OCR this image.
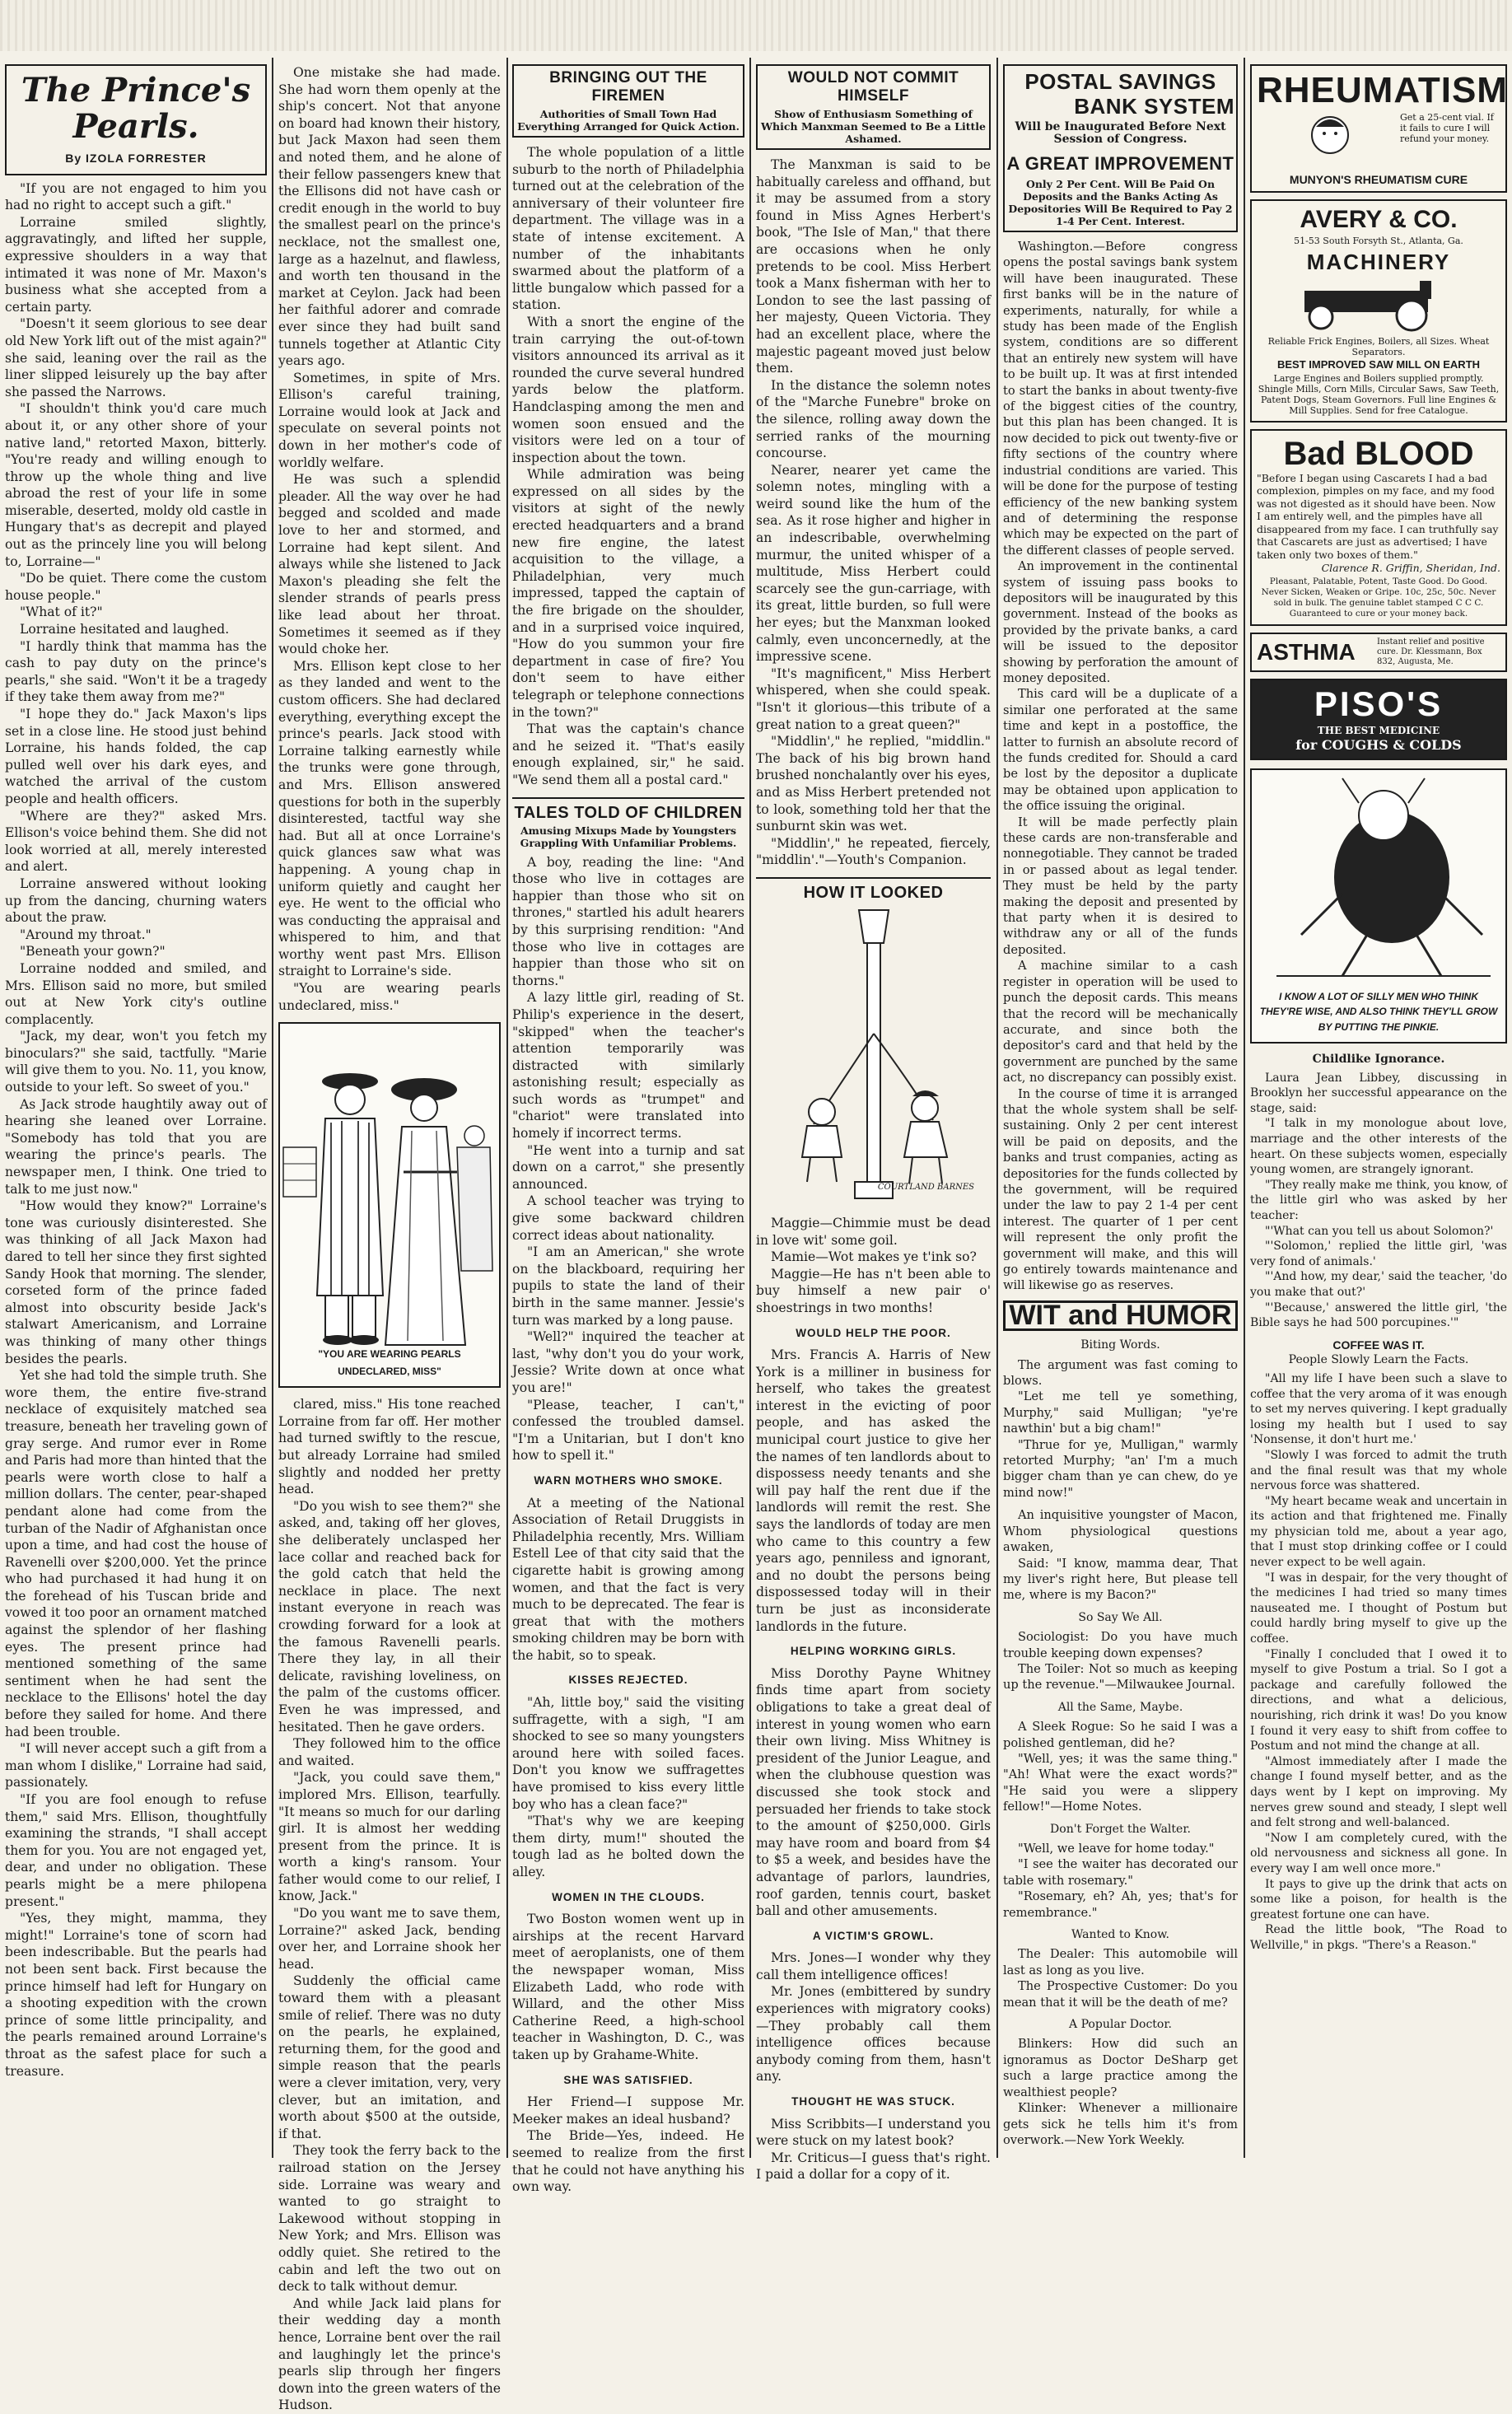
The Prince's Pearls.
By IZOLA FORRESTER

"If you are not engaged to him you had no right to accept such a gift."

Lorraine smiled slightly, aggravatingly, and lifted her supple, expressive shoulders in a way that intimated it was none of Mr. Maxon's business what she accepted from a certain party.

"Doesn't it seem glorious to see dear old New York lift out of the mist again?" she said, leaning over the rail as the liner slipped leisurely up the bay after she passed the Narrows.

"I shouldn't think you'd care much about it, or any other shore of your native land," retorted Maxon, bitterly. "You're ready and willing enough to throw up the whole thing and live abroad the rest of your life in some miserable, deserted, moldy old castle in Hungary that's as decrepit and played out as the princely line you will belong to, Lorraine—"

"Do be quiet. There come the custom house people."

"What of it?"

Lorraine hesitated and laughed.

"I hardly think that mamma has the cash to pay duty on the prince's pearls," she said. "Won't it be a tragedy if they take them away from me?"

"I hope they do." Jack Maxon's lips set in a close line. He stood just behind Lorraine, his hands folded, the cap pulled well over his dark eyes, and watched the arrival of the custom people and health officers.

"Where are they?" asked Mrs. Ellison's voice behind them. She did not look worried at all, merely interested and alert.

Lorraine answered without looking up from the dancing, churning waters about the praw.

"Around my throat."

"Beneath your gown?"

Lorraine nodded and smiled, and Mrs. Ellison said no more, but smiled out at New York city's outline complacently.

"Jack, my dear, won't you fetch my binoculars?" she said, tactfully. "Marie will give them to you. No. 11, you know, outside to your left. So sweet of you."

As Jack strode haughtily away out of hearing she leaned over Lorraine. "Somebody has told that you are wearing the prince's pearls. The newspaper men, I think. One tried to talk to me just now."

"How would they know?" Lorraine's tone was curiously disinterested. She was thinking of all Jack Maxon had dared to tell her since they first sighted Sandy Hook that morning. The slender, corseted form of the prince faded almost into obscurity beside Jack's stalwart Americanism, and Lorraine was thinking of many other things besides the pearls.

Yet she had told the simple truth. She wore them, the entire five-strand necklace of exquisitely matched sea treasure, beneath her traveling gown of gray serge. And rumor ever in Rome and Paris had more than hinted that the pearls were worth close to half a million dollars. The center, pear-shaped pendant alone had come from the turban of the Nadir of Afghanistan once upon a time, and had cost the house of Ravenelli over $200,000. Yet the prince who had purchased it had hung it on the forehead of his Tuscan bride and vowed it too poor an ornament matched against the splendor of her flashing eyes. The present prince had mentioned something of the same sentiment when he had sent the necklace to the Ellisons' hotel the day before they sailed for home. And there had been trouble.

"I will never accept such a gift from a man whom I dislike," Lorraine had said, passionately.

"If you are fool enough to refuse them," said Mrs. Ellison, thoughtfully examining the strands, "I shall accept them for you. You are not engaged yet, dear, and under no obligation. These pearls might be a mere philopena present."

"Yes, they might, mamma, they might!" Lorraine's tone of scorn had been indescribable. But the pearls had not been sent back. First because the prince himself had left for Hungary on a shooting expedition with the crown prince of some little principality, and the pearls remained around Lorraine's throat as the safest place for such a treasure.

One mistake she had made. She had worn them openly at the ship's concert. Not that anyone on board had known their history, but Jack Maxon had seen them and noted them, and he alone of their fellow passengers knew that the Ellisons did not have cash or credit enough in the world to buy the smallest pearl on the prince's necklace, not the smallest one, large as a hazelnut, and flawless, and worth ten thousand in the market at Ceylon. Jack had been her faithful adorer and comrade ever since they had built sand tunnels together at Atlantic City years ago.

Sometimes, in spite of Mrs. Ellison's careful training, Lorraine would look at Jack and speculate on several points not down in her mother's code of worldly welfare.

He was such a splendid pleader. All the way over he had begged and scolded and made love to her and stormed, and Lorraine had kept silent. And always while she listened to Jack Maxon's pleading she felt the slender strands of pearls press like lead about her throat. Sometimes it seemed as if they would choke her.

Mrs. Ellison kept close to her as they landed and went to the custom officers. She had declared everything, everything except the prince's pearls. Jack stood with Lorraine talking earnestly while the trunks were gone through, and Mrs. Ellison answered questions for both in the superbly disinterested, tactful way she had. But all at once Lorraine's quick glances saw what was happening. A young chap in uniform quietly and caught her eye. He went to the official who was conducting the appraisal and whispered to him, and that worthy went past Mrs. Ellison straight to Lorraine's side.

"You are wearing pearls undeclared, miss."

"YOU ARE WEARING PEARLS UNDECLARED, MISS"

clared, miss." His tone reached Lorraine from far off. Her mother had turned swiftly to the rescue, but already Lorraine had smiled slightly and nodded her pretty head.

"Do you wish to see them?" she asked, and, taking off her gloves, she deliberately unclasped her lace collar and reached back for the gold catch that held the necklace in place. The next instant everyone in reach was crowding forward for a look at the famous Ravenelli pearls. There they lay, in all their delicate, ravishing loveliness, on the palm of the customs officer. Even he was impressed, and hesitated. Then he gave orders.

They followed him to the office and waited.

"Jack, you could save them," implored Mrs. Ellison, tearfully. "It means so much for our darling girl. It is almost her wedding present from the prince. It is worth a king's ransom. Your father would come to our relief, I know, Jack."

"Do you want me to save them, Lorraine?" asked Jack, bending over her, and Lorraine shook her head.

Suddenly the official came toward them with a pleasant smile of relief. There was no duty on the pearls, he explained, returning them, for the good and simple reason that the pearls were a clever imitation, very, very clever, but an imitation, and worth about $500 at the outside, if that.

They took the ferry back to the railroad station on the Jersey side. Lorraine was weary and wanted to go straight to Lakewood without stopping in New York; and Mrs. Ellison was oddly quiet. She retired to the cabin and left the two out on deck to talk without demur.

And while Jack laid plans for their wedding day a month hence, Lorraine bent over the rail and laughingly let the prince's pearls slip through her fingers down into the green waters of the Hudson.

BRINGING OUT THE FIREMEN
Authorities of Small Town Had Everything Arranged for Quick Action.

The whole population of a little suburb to the north of Philadelphia turned out at the celebration of the anniversary of their volunteer fire department. The village was in a state of intense excitement. A number of the inhabitants swarmed about the platform of a little bungalow which passed for a station.

With a snort the engine of the train carrying the out-of-town visitors announced its arrival as it rounded the curve several hundred yards below the platform. Handclasping among the men and women soon ensued and the visitors were led on a tour of inspection about the town.

While admiration was being expressed on all sides by the visitors at sight of the newly erected headquarters and a brand new fire engine, the latest acquisition to the village, a Philadelphian, very much impressed, tapped the captain of the fire brigade on the shoulder, and in a surprised voice inquired, "How do you summon your fire department in case of fire? You don't seem to have either telegraph or telephone connections in the town?"

That was the captain's chance and he seized it. "That's easily enough explained, sir," he said. "We send them all a postal card."

TALES TOLD OF CHILDREN
Amusing Mixups Made by Youngsters Grappling With Unfamiliar Problems.

A boy, reading the line: "And those who live in cottages are happier than those who sit on thrones," startled his adult hearers by this surprising rendition: "And those who live in cottages are happier than those who sit on thorns."

A lazy little girl, reading of St. Philip's experience in the desert, "skipped" when the teacher's attention temporarily was distracted with similarly astonishing result; especially as such words as "trumpet" and "chariot" were translated into homely if incorrect terms.

"He went into a turnip and sat down on a carrot," she presently announced.

A school teacher was trying to give some backward children correct ideas about nationality.

"I am an American," she wrote on the blackboard, requiring her pupils to state the land of their birth in the same manner. Jessie's turn was marked by a long pause.

"Well?" inquired the teacher at last, "why don't you do your work, Jessie? Write down at once what you are!"

"Please, teacher, I can't," confessed the troubled damsel. "I'm a Unitarian, but I don't kno how to spell it."

WARN MOTHERS WHO SMOKE.

At a meeting of the National Association of Retail Druggists in Philadelphia recently, Mrs. William Estell Lee of that city said that the cigarette habit is growing among women, and that the fact is very much to be deprecated. The fear is great that with the mothers smoking children may be born with the habit, so to speak.

KISSES REJECTED.

"Ah, little boy," said the visiting suffragette, with a sigh, "I am shocked to see so many youngsters around here with soiled faces. Don't you know we suffragettes have promised to kiss every little boy who has a clean face?"

"That's why we are keeping them dirty, mum!" shouted the tough lad as he bolted down the alley.

WOMEN IN THE CLOUDS.

Two Boston women went up in airships at the recent Harvard meet of aeroplanists, one of them the newspaper woman, Miss Elizabeth Ladd, who rode with Willard, and the other Miss Catherine Reed, a high-school teacher in Washington, D. C., was taken up by Grahame-White.

SHE WAS SATISFIED.

Her Friend—I suppose Mr. Meeker makes an ideal husband?

The Bride—Yes, indeed. He seemed to realize from the first that he could not have anything his own way.

WOULD NOT COMMIT HIMSELF
Show of Enthusiasm Something of Which Manxman Seemed to Be a Little Ashamed.

The Manxman is said to be habitually careless and offhand, but it may be assumed from a story found in Miss Agnes Herbert's book, "The Isle of Man," that there are occasions when he only pretends to be cool. Miss Herbert took a Manx fisherman with her to London to see the last passing of her majesty, Queen Victoria. They had an excellent place, where the majestic pageant moved just below them.

In the distance the solemn notes of the "Marche Funebre" broke on the silence, rolling away down the serried ranks of the mourning concourse.

Nearer, nearer yet came the solemn notes, mingling with a weird sound like the hum of the sea. As it rose higher and higher in an indescribable, overwhelming murmur, the united whisper of a multitude, Miss Herbert could scarcely see the gun-carriage, with its great, little burden, so full were her eyes; but the Manxman looked calmly, even unconcernedly, at the impressive scene.

"It's magnificent," Miss Herbert whispered, when she could speak. "Isn't it glorious—this tribute of a great nation to a great queen?"

"Middlin'," he replied, "middlin." The back of his big brown hand brushed nonchalantly over his eyes, and as Miss Herbert pretended not to look, something told her that the sunburnt skin was wet.

"Middlin'," he repeated, fiercely, "middlin'."—Youth's Companion.

HOW IT LOOKED
COURTLAND BARNES

Maggie—Chimmie must be dead in love wit' some goil.

Mamie—Wot makes ye t'ink so?

Maggie—He has n't been able to buy himself a new pair o' shoestrings in two months!

WOULD HELP THE POOR.

Mrs. Francis A. Harris of New York is a milliner in business for herself, who takes the greatest interest in the evicting of poor people, and has asked the municipal court justice to give her the names of ten landlords about to dispossess needy tenants and she will pay half the rent due if the landlords will remit the rest. She says the landlords of today are men who came to this country a few years ago, penniless and ignorant, and no doubt the persons being dispossessed today will in their turn be just as inconsiderate landlords in the future.

HELPING WORKING GIRLS.

Miss Dorothy Payne Whitney finds time apart from society obligations to take a great deal of interest in young women who earn their own living. Miss Whitney is president of the Junior League, and when the clubhouse question was discussed she took stock and persuaded her friends to take stock to the amount of $250,000. Girls may have room and board from $4 to $5 a week, and besides have the advantage of parlors, laundries, roof garden, tennis court, basket ball and other amusements.

A VICTIM'S GROWL.

Mrs. Jones—I wonder why they call them intelligence offices!

Mr. Jones (embittered by sundry experiences with migratory cooks)—They probably call them intelligence offices because anybody coming from them, hasn't any.

THOUGHT HE WAS STUCK.

Miss Scribbits—I understand you were stuck on my latest book?

Mr. Criticus—I guess that's right. I paid a dollar for a copy of it.

POSTAL SAVINGS
BANK SYSTEM
Will be Inaugurated Before Next Session of Congress.
A GREAT IMPROVEMENT
Only 2 Per Cent. Will Be Paid On Deposits and the Banks Acting As Depositories Will Be Required to Pay 2 1-4 Per Cent. Interest.

Washington.—Before congress opens the postal savings bank system will have been inaugurated. These first banks will be in the nature of experiments, naturally, for while a study has been made of the English system, conditions are so different that an entirely new system will have to be built up. It was at first intended to start the banks in about twenty-five of the biggest cities of the country, but this plan has been changed. It is now decided to pick out twenty-five or fifty sections of the country where industrial conditions are varied. This will be done for the purpose of testing efficiency of the new banking system and of determining the response which may be expected on the part of the different classes of people served.

An improvement in the continental system of issuing pass books to depositors will be inaugurated by this government. Instead of the books as provided by the private banks, a card will be issued to the depositor showing by perforation the amount of money deposited.

This card will be a duplicate of a similar one perforated at the same time and kept in a postoffice, the latter to furnish an absolute record of the funds credited for. Should a card be lost by the depositor a duplicate may be obtained upon application to the office issuing the original.

It will be made perfectly plain these cards are non-transferable and nonnegotiable. They cannot be traded in or passed about as legal tender. They must be held by the party making the deposit and presented by that party when it is desired to withdraw any or all of the funds deposited.

A machine similar to a cash register in operation will be used to punch the deposit cards. This means that the record will be mechanically accurate, and since both the depositor's card and that held by the government are punched by the same act, no discrepancy can possibly exist.

In the course of time it is arranged that the whole system shall be self-sustaining. Only 2 per cent interest will be paid on deposits, and the banks and trust companies, acting as depositories for the funds collected by the government, will be required under the law to pay 2 1-4 per cent interest. The quarter of 1 per cent will represent the only profit the government will make, and this will go entirely towards maintenance and will likewise go as reserves.

WIT and HUMOR
Biting Words.

The argument was fast coming to blows.

"Let me tell ye something, Murphy," said Mulligan; "ye're nawthin' but a big cham!"

"Thrue for ye, Mulligan," warmly retorted Murphy; "an' I'm a much bigger cham than ye can chew, do ye mind now!"

An inquisitive youngster of Macon, Whom physiological questions awaken,

Said: "I know, mamma dear, That my liver's right here, But please tell me, where is my Bacon?"

So Say We All.

Sociologist: Do you have much trouble keeping down expenses?

The Toiler: Not so much as keeping up the revenue."—Milwaukee Journal.

All the Same, Maybe.

A Sleek Rogue: So he said I was a polished gentleman, did he?

"Well, yes; it was the same thing." "Ah! What were the exact words?" "He said you were a slippery fellow!"—Home Notes.

Don't Forget the Walter.

"Well, we leave for home today."

"I see the waiter has decorated our table with rosemary."

"Rosemary, eh? Ah, yes; that's for remembrance."

Wanted to Know.

The Dealer: This automobile will last as long as you live.

The Prospective Customer: Do you mean that it will be the death of me?

A Popular Doctor.

Blinkers: How did such an ignoramus as Doctor DeSharp get such a large practice among the wealthiest people?

Klinker: Whenever a millionaire gets sick he tells him it's from overwork.—New York Weekly.

RHEUMATISM
Get a 25-cent vial. If it fails to cure I will refund your money.
MUNYON'S RHEUMATISM CURE
AVERY & CO.
51-53 South Forsyth St., Atlanta, Ga.
MACHINERY
Reliable Frick Engines, Boilers, all Sizes. Wheat Separators.
BEST IMPROVED SAW MILL ON EARTH
Large Engines and Boilers supplied promptly. Shingle Mills, Corn Mills, Circular Saws, Saw Teeth, Patent Dogs, Steam Governors. Full line Engines & Mill Supplies. Send for free Catalogue.
Bad BLOOD
"Before I began using Cascarets I had a bad complexion, pimples on my face, and my food was not digested as it should have been. Now I am entirely well, and the pimples have all disappeared from my face. I can truthfully say that Cascarets are just as advertised; I have taken only two boxes of them."
Clarence R. Griffin, Sheridan, Ind.
Pleasant, Palatable, Potent, Taste Good. Do Good. Never Sicken, Weaken or Gripe. 10c, 25c, 50c. Never sold in bulk. The genuine tablet stamped C C C. Guaranteed to cure or your money back.
ASTHMA	Instant relief and positive cure. Dr. Klessmann, Box 832, Augusta, Me.
PISO'S
THE BEST MEDICINE
for COUGHS & COLDS
I KNOW A LOT OF SILLY MEN WHO THINK THEY'RE WISE, AND ALSO THINK THEY'LL GROW BY PUTTING THE PINKIE.
Childlike Ignorance.

Laura Jean Libbey, discussing in Brooklyn her successful appearance on the stage, said:

"I talk in my monologue about love, marriage and the other interests of the heart. On these subjects women, especially young women, are strangely ignorant.

"They really make me think, you know, of the little girl who was asked by her teacher:

"'What can you tell us about Solomon?'

"'Solomon,' replied the little girl, 'was very fond of animals.'

"'And how, my dear,' said the teacher, 'do you make that out?'

"'Because,' answered the little girl, 'the Bible says he had 500 porcupines.'"

COFFEE WAS IT.
People Slowly Learn the Facts.

"All my life I have been such a slave to coffee that the very aroma of it was enough to set my nerves quivering. I kept gradually losing my health but I used to say 'Nonsense, it don't hurt me.'

"Slowly I was forced to admit the truth and the final result was that my whole nervous force was shattered.

"My heart became weak and uncertain in its action and that frightened me. Finally my physician told me, about a year ago, that I must stop drinking coffee or I could never expect to be well again.

"I was in despair, for the very thought of the medicines I had tried so many times nauseated me. I thought of Postum but could hardly bring myself to give up the coffee.

"Finally I concluded that I owed it to myself to give Postum a trial. So I got a package and carefully followed the directions, and what a delicious, nourishing, rich drink it was! Do you know I found it very easy to shift from coffee to Postum and not mind the change at all.

"Almost immediately after I made the change I found myself better, and as the days went by I kept on improving. My nerves grew sound and steady, I slept well and felt strong and well-balanced.

"Now I am completely cured, with the old nervousness and sickness all gone. In every way I am well once more."

It pays to give up the drink that acts on some like a poison, for health is the greatest fortune one can have.

Read the little book, "The Road to Wellville," in pkgs. "There's a Reason."
